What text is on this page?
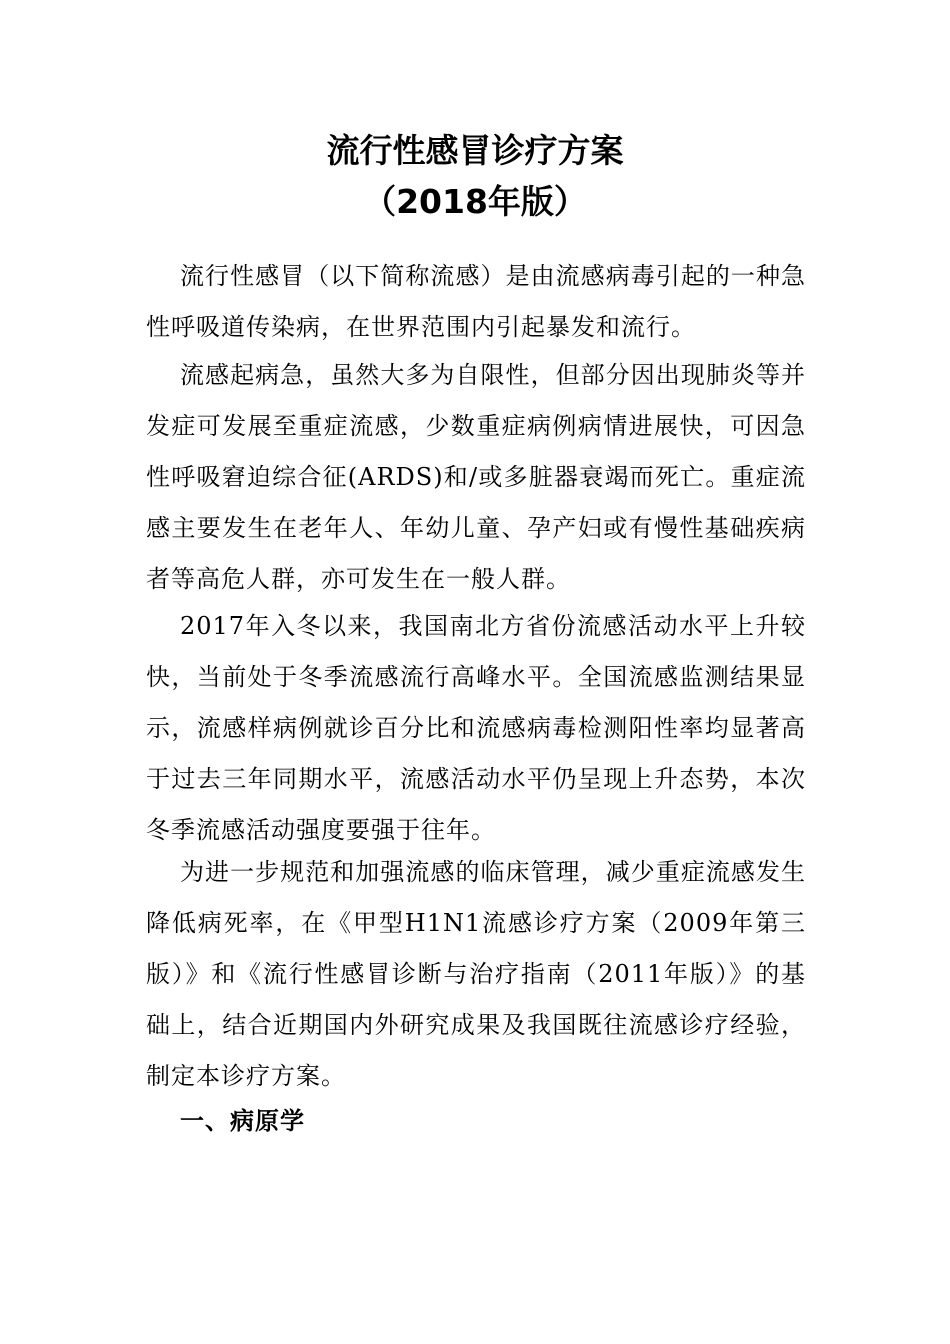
流行性感冒诊疗方案
（2018年版）

流行性感冒（以下简称流感）是由流感病毒引起的一种急性呼吸道传染病，在世界范围内引起暴发和流行。

流感起病急，虽然大多为自限性，但部分因出现肺炎等并发症可发展至重症流感，少数重症病例病情进展快，可因急性呼吸窘迫综合征(ARDS)和/或多脏器衰竭而死亡。重症流感主要发生在老年人、年幼儿童、孕产妇或有慢性基础疾病者等高危人群，亦可发生在一般人群。

2017年入冬以来，我国南北方省份流感活动水平上升较快，当前处于冬季流感流行高峰水平。全国流感监测结果显示，流感样病例就诊百分比和流感病毒检测阳性率均显著高于过去三年同期水平，流感活动水平仍呈现上升态势，本次冬季流感活动强度要强于往年。

为进一步规范和加强流感的临床管理，减少重症流感发生降低病死率，在《甲型H1N1流感诊疗方案（2009年第三版）》和《流行性感冒诊断与治疗指南（2011年版）》的基础上，结合近期国内外研究成果及我国既往流感诊疗经验，制定本诊疗方案。

一、病原学
